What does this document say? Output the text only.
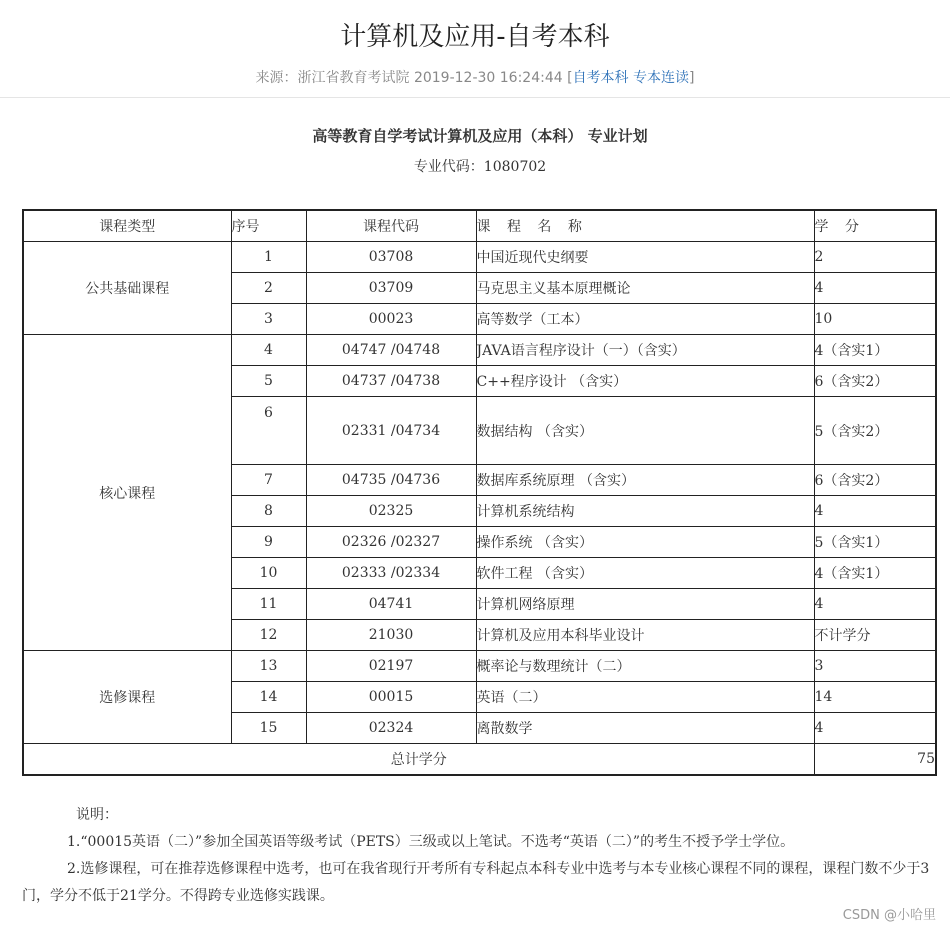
计算机及应用-自考本科
来源：浙江省教育考试院 2019-12-30 16:24:44 [自考本科 专本连读]
高等教育自学考试计算机及应用（本科） 专业计划
专业代码：1080702
课程类型	序号	课程代码	课 程 名 称	学 分
公共基础课程	1	03708	中国近现代史纲要	2
	2	03709	马克思主义基本原理概论	4
	3	00023	高等数学（工本）	10
核心课程	4	04747 /04748	JAVA语言程序设计（一）（含实）	4（含实1）
	5	04737 /04738	C++程序设计 （含实）	6（含实2）
	6	02331 /04734	数据结构 （含实）	5（含实2）
	7	04735 /04736	数据库系统原理 （含实）	6（含实2）
	8	02325	计算机系统结构	4
	9	02326 /02327	操作系统 （含实）	5（含实1）
	10	02333 /02334	软件工程 （含实）	4（含实1）
	11	04741	计算机网络原理	4
	12	21030	计算机及应用本科毕业设计	不计学分
选修课程	13	02197	概率论与数理统计（二）	3
	14	00015	英语（二）	14
	15	02324	离散数学	4
总计学分				75
说明：
1.“00015英语（二）”参加全国英语等级考试（PETS）三级或以上笔试。不选考“英语（二）”的考生不授予学士学位。
2.选修课程，可在推荐选修课程中选考，也可在我省现行开考所有专科起点本科专业中选考与本专业核心课程不同的课程，课程门数不少于3门，学分不低于21学分。不得跨专业选修实践课。
CSDN @小哈里
